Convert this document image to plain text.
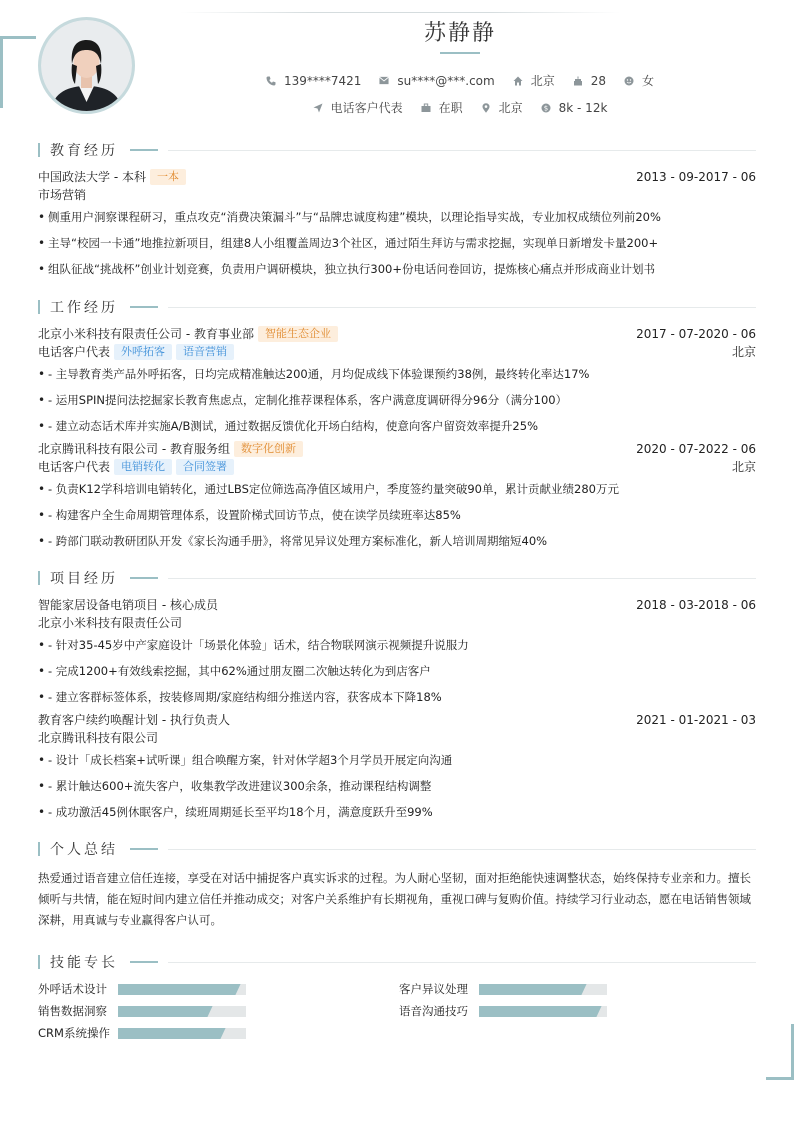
苏静静
139****7421	su****@***.com	北京	28	女
电话客户代表	在职	北京	$ 8k - 12k
教育经历
中国政法大学 - 本科	一本	2013 - 09-2017 - 06
市场营销
• 侧重用户洞察课程研习，重点攻克“消费决策漏斗”与“品牌忠诚度构建”模块，以理论指导实战，专业加权成绩位列前20%
• 主导“校园一卡通”地推拉新项目，组建8人小组覆盖周边3个社区，通过陌生拜访与需求挖掘，实现单日新增发卡量200+
• 组队征战“挑战杯”创业计划竞赛，负责用户调研模块，独立执行300+份电话问卷回访，提炼核心痛点并形成商业计划书
工作经历
北京小米科技有限责任公司 - 教育事业部	智能生态企业	2017 - 07-2020 - 06
电话客户代表	外呼拓客	语音营销	北京
• - 主导教育类产品外呼拓客，日均完成精准触达200通，月均促成线下体验课预约38例，最终转化率达17%
• - 运用SPIN提问法挖掘家长教育焦虑点，定制化推荐课程体系，客户满意度调研得分96分（满分100）
• - 建立动态话术库并实施A/B测试，通过数据反馈优化开场白结构，使意向客户留资效率提升25%
北京腾讯科技有限公司 - 教育服务组	数字化创新	2020 - 07-2022 - 06
电话客户代表	电销转化	合同签署	北京
• - 负责K12学科培训电销转化，通过LBS定位筛选高净值区域用户，季度签约量突破90单，累计贡献业绩280万元
• - 构建客户全生命周期管理体系，设置阶梯式回访节点，使在读学员续班率达85%
• - 跨部门联动教研团队开发《家长沟通手册》，将常见异议处理方案标准化，新人培训周期缩短40%
项目经历
智能家居设备电销项目 - 核心成员	2018 - 03-2018 - 06
北京小米科技有限责任公司
• - 针对35-45岁中产家庭设计「场景化体验」话术，结合物联网演示视频提升说服力
• - 完成1200+有效线索挖掘，其中62%通过朋友圈二次触达转化为到店客户
• - 建立客群标签体系，按装修周期/家庭结构细分推送内容，获客成本下降18%
教育客户续约唤醒计划 - 执行负责人	2021 - 01-2021 - 03
北京腾讯科技有限公司
• - 设计「成长档案+试听课」组合唤醒方案，针对休学超3个月学员开展定向沟通
• - 累计触达600+流失客户，收集教学改进建议300余条，推动课程结构调整
• - 成功激活45例休眠客户，续班周期延长至平均18个月，满意度跃升至99%
个人总结
热爱通过语音建立信任连接，享受在对话中捕捉客户真实诉求的过程。为人耐心坚韧，面对拒绝能快速调整状态，始终保持专业亲和力。擅长倾听与共情，能在短时间内建立信任并推动成交；对客户关系维护有长期视角，重视口碑与复购价值。持续学习行业动态，愿在电话销售领域深耕，用真诚与专业赢得客户认可。
技能专长
外呼话术设计	客户异议处理
销售数据洞察	语音沟通技巧
CRM系统操作
